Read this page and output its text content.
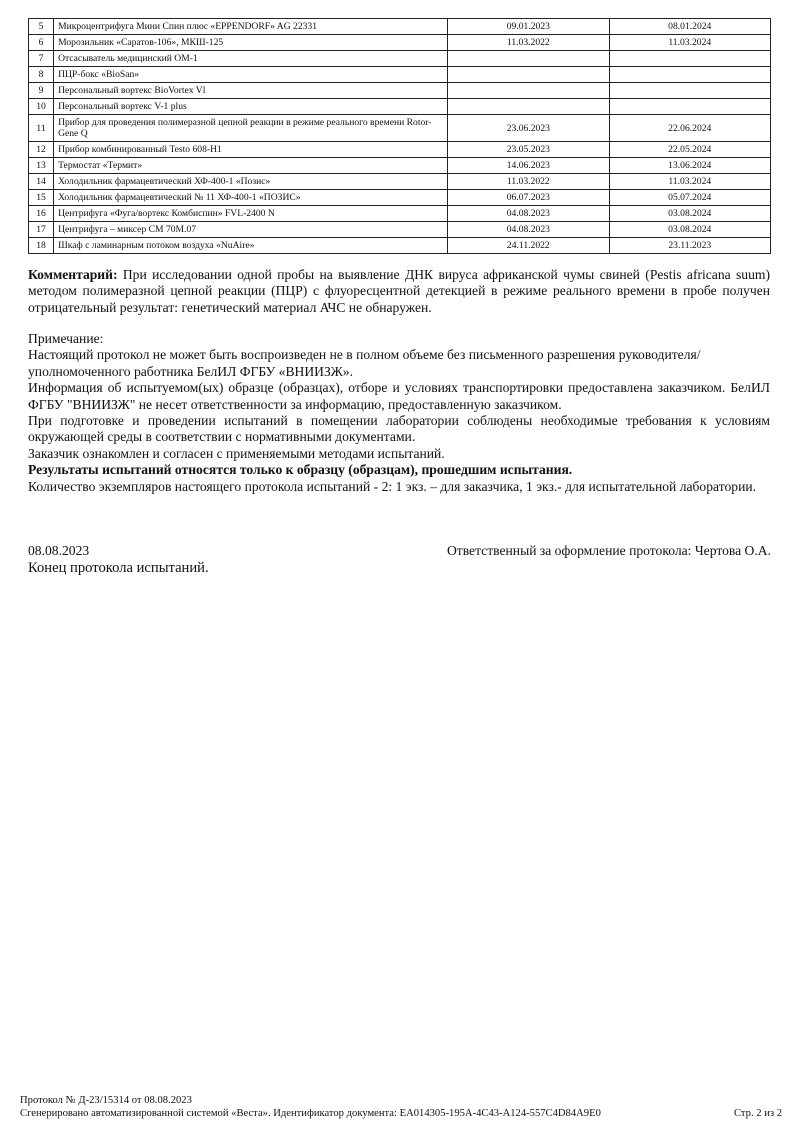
5	Микроцентрифуга Мини Спин плюс «EPPENDORF» AG 22331	09.01.2023	08.01.2024
6	Морозильник «Саратов-106», МКШ-125	11.03.2022	11.03.2024
7	Отсасыватель медицинский ОМ-1		
8	ПЦР-бокс «BioSan»		
9	Персональный вортекс BioVortex Vl		
10	Персональный вортекс V-1 plus		
11	Прибор для проведения полимеразной цепной реакции в режиме реального времени Rotor-Gene Q	23.06.2023	22.06.2024
12	Прибор комбинированный Testo 608-H1	23.05.2023	22.05.2024
13	Термостат «Термит»	14.06.2023	13.06.2024
14	Холодильник фармацевтический ХФ-400-1 «Позис»	11.03.2022	11.03.2024
15	Холодильник фармацевтический № 11 ХФ-400-1 «ПОЗИС»	06.07.2023	05.07.2024
16	Центрифуга «Фуга/вортекс Комбиспин» FVL-2400 N	04.08.2023	03.08.2024
17	Центрифуга – миксер СМ 70М.07	04.08.2023	03.08.2024
18	Шкаф с ламинарным потоком воздуха «NuAire»	24.11.2022	23.11.2023
Комментарий: При исследовании одной пробы на выявление ДНК вируса африканской чумы свиней (Pestis africana suum) методом полимеразной цепной реакции (ПЦР) с флуоресцентной детекцией в режиме реального времени в пробе получен отрицательный результат: генетический материал АЧС не обнаружен.

Примечание:

Настоящий протокол не может быть воспроизведен не в полном объеме без письменного разрешения руководителя/уполномоченного работника БелИЛ ФГБУ «ВНИИЗЖ».

Информация об испытуемом(ых) образце (образцах), отборе и условиях транспортировки предоставлена заказчиком. БелИЛ ФГБУ "ВНИИЗЖ" не несет ответственности за информацию, предоставленную заказчиком.

При подготовке и проведении испытаний в помещении лаборатории соблюдены необходимые требования к условиям окружающей среды в соответствии с нормативными документами.

Заказчик ознакомлен и согласен с применяемыми методами испытаний.

Результаты испытаний относятся только к образцу (образцам), прошедшим испытания.

Количество экземпляров настоящего протокола испытаний - 2: 1 экз. – для заказчика, 1 экз.- для испытательной лаборатории.

08.08.2023	Ответственный за оформление протокола: Чертова О.А.
Конец протокола испытаний.
Протокол № Д-23/15314 от 08.08.2023
Сгенерировано автоматизированной системой «Веста». Идентификатор документа: EA014305-195A-4C43-A124-557C4D84A9E0	Стр. 2 из 2
